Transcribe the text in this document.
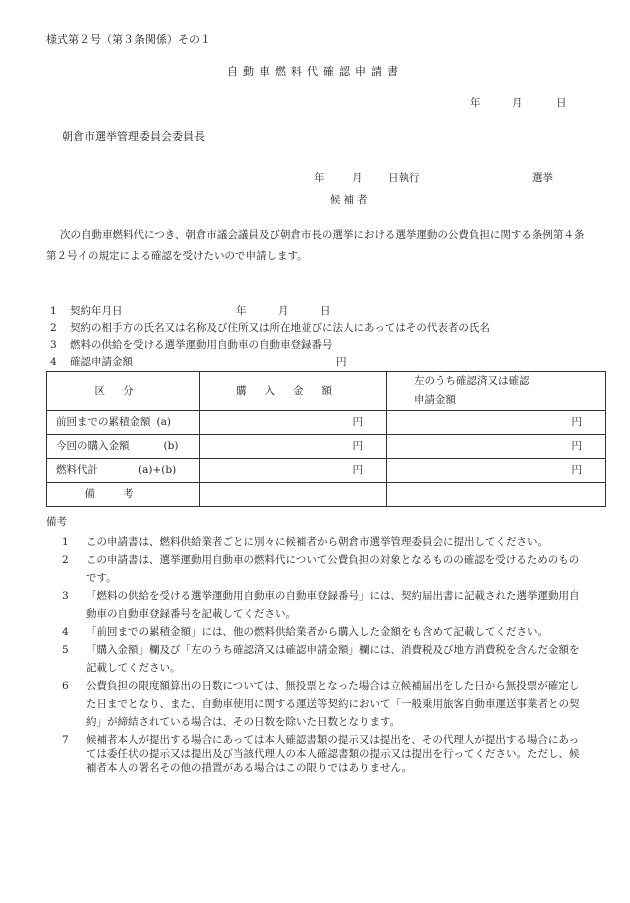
様式第２号（第３条関係）その１
自動車燃料代確認申請書
年	月	日
朝倉市選挙管理委員会委員長
年	月 日執行	選挙
候補者
次の自動車燃料代につき、朝倉市議会議員及び朝倉市長の選挙における選挙運動の公費負担に関する条例第４条第２号イの規定による確認を受けたいので申請します。
1 契約年月日	年	月	日
2 契約の相手方の氏名又は名称及び住所又は所在地並びに法人にあってはその代表者の氏名
3 燃料の供給を受ける選挙運動用自動車の自動車登録番号
4 確認申請金額	円
区分	購入金額	左のうち確認済又は確認
申請金額
前回までの累積金額 (a)	円	円
今回の購入金額 (b)	円	円
燃料代計 (a)+(b)	円	円
備考		
備考
1 この申請書は、燃料供給業者ごとに別々に候補者から朝倉市選挙管理委員会に提出してください。
2 この申請書は、選挙運動用自動車の燃料代について公費負担の対象となるものの確認を受けるためのものです。
3 「燃料の供給を受ける選挙運動用自動車の自動車登録番号」には、契約届出書に記載された選挙運動用自動車の自動車登録番号を記載してください。
4 「前回までの累積金額」には、他の燃料供給業者から購入した金額をも含めて記載してください。
5 「購入金額」欄及び「左のうち確認済又は確認申請金額」欄には、消費税及び地方消費税を含んだ金額を記載してください。
6 公費負担の限度額算出の日数については、無投票となった場合は立候補届出をした日から無投票が確定した日までとなり、また、自動車使用に関する運送等契約において「一般乗用旅客自動車運送事業者との契約」が締結されている場合は、その日数を除いた日数となります。
7 候補者本人が提出する場合にあっては本人確認書類の提示又は提出を、その代理人が提出する場合にあっては委任状の提示又は提出及び当該代理人の本人確認書類の提示又は提出を行ってください。ただし、候補者本人の署名その他の措置がある場合はこの限りではありません。
